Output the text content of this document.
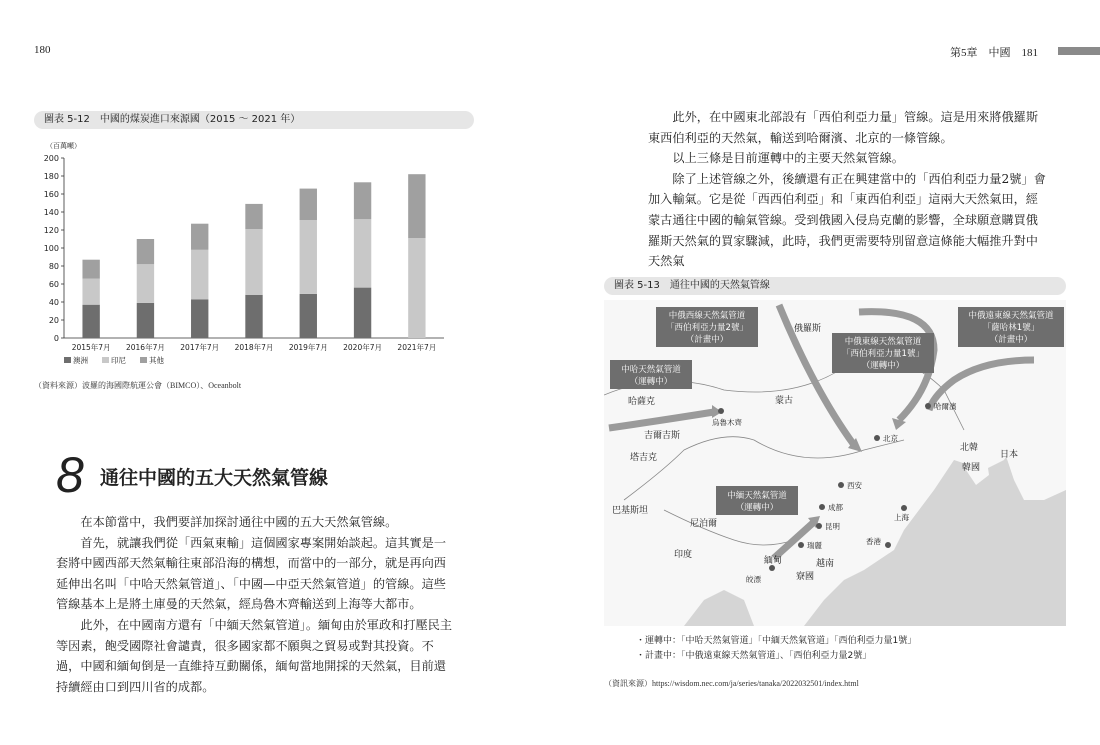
180	第5章　中國　181
圖表 5-12　中國的煤炭進口來源國（2015 ～ 2021 年）
（百萬噸）
0
20
40
60
80
100
120
140
160
180
200
2015年7月 2016年7月 2017年7月 2018年7月 2019年7月 2020年7月 2021年7月
澳洲	印尼	其他
（資料來源）波羅的海國際航運公會（BIMCO）、Oceanbolt
8 通往中國的五大天然氣管線

在本節當中，我們要詳加探討通往中國的五大天然氣管線。

首先，就讓我們從「西氣東輸」這個國家專案開始談起。這其實是一套將中國西部天然氣輸往東部沿海的構想，而當中的一部分，就是再向西延伸出名叫「中哈天然氣管道」、「中國—中亞天然氣管道」的管線。這些管線基本上是將土庫曼的天然氣，經烏魯木齊輸送到上海等大都市。

此外，在中國南方還有「中緬天然氣管道」。緬甸由於軍政和打壓民主等因素，飽受國際社會譴責，很多國家都不願與之貿易或對其投資。不過，中國和緬甸倒是一直維持互動關係，緬甸當地開採的天然氣，目前還持續經由口到四川省的成都。

此外，在中國東北部設有「西伯利亞力量」管線。這是用來將俄羅斯東西伯利亞的天然氣，輸送到哈爾濱、北京的一條管線。

以上三條是目前運轉中的主要天然氣管線。

除了上述管線之外，後續還有正在興建當中的「西伯利亞力量2號」會加入輸氣。它是從「西西伯利亞」和「東西伯利亞」這兩大天然氣田，經蒙古通往中國的輸氣管線。受到俄國入侵烏克蘭的影響，全球願意購買俄羅斯天然氣的買家驟減，此時，我們更需要特別留意這條能大幅推升對中天然氣

圖表 5-13　通往中國的天然氣管線
俄羅斯
蒙古
哈薩克
吉爾吉斯
塔吉克
巴基斯坦
尼泊爾
印度
北韓
韓國
日本
緬甸	越南
寮國
烏魯木齊
哈爾濱
北京
西安
成都
昆明
上海
香港
瑞麗
皎漂
中俄西線天然氣管道
「西伯利亞力量2號」
（計畫中）	中俄東線天然氣管道
「西伯利亞力量1號」
（運轉中）
中俄遠東線天然氣管道
「薩哈林1號」
（計畫中）
中哈天然氣管道
（運轉中）
中緬天然氣管道
（運轉中）
・運轉中：「中哈天然氣管道」「中緬天然氣管道」「西伯利亞力量1號」
・計畫中：「中俄遠東線天然氣管道」、「西伯利亞力量2號」
（資訊來源）https://wisdom.nec.com/ja/series/tanaka/2022032501/index.html
